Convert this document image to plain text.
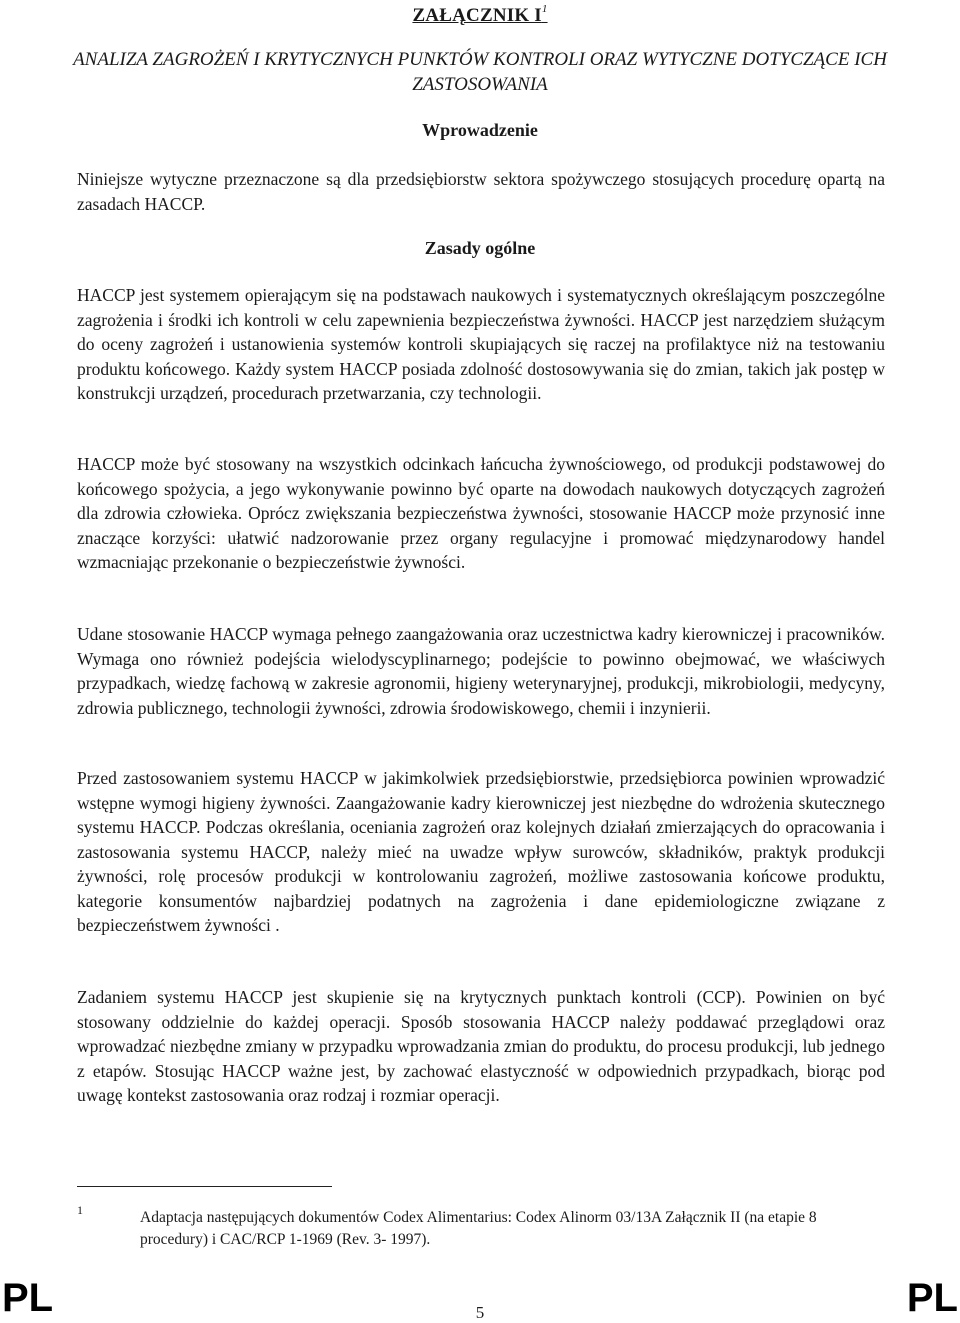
ZAŁĄCZNIK $I^1$
ANALIZA ZAGROŻEŃ I KRYTYCZNYCH PUNKTÓW KONTROLI ORAZ WYTYCZNE DOTYCZĄCE ICH ZASTOSOWANIA
Wprowadzenie

Niniejsze wytyczne przeznaczone są dla przedsiębiorstw sektora spożywczego stosujących procedurę opartą na zasadach HACCP.

Zasady ogólne

HACCP jest systemem opierającym się na podstawach naukowych i systematycznych określającym poszczególne zagrożenia i środki ich kontroli w celu zapewnienia bezpieczeństwa żywności. HACCP jest narzędziem służącym do oceny zagrożeń i ustanowienia systemów kontroli skupiających się raczej na profilaktyce niż na testowaniu produktu końcowego. Każdy system HACCP posiada zdolność dostosowywania się do zmian, takich jak postęp w konstrukcji urządzeń, procedurach przetwarzania, czy technologii.

HACCP może być stosowany na wszystkich odcinkach łańcucha żywnościowego, od produkcji podstawowej do końcowego spożycia, a jego wykonywanie powinno być oparte na dowodach naukowych dotyczących zagrożeń dla zdrowia człowieka. Oprócz zwiększania bezpieczeństwa żywności, stosowanie HACCP może przynosić inne znaczące korzyści: ułatwić nadzorowanie przez organy regulacyjne i promować międzynarodowy handel wzmacniając przekonanie o bezpieczeństwie żywności.

Udane stosowanie HACCP wymaga pełnego zaangażowania oraz uczestnictwa kadry kierowniczej i pracowników. Wymaga ono również podejścia wielodyscyplinarnego; podejście to powinno obejmować, we właściwych przypadkach, wiedzę fachową w zakresie agronomii, higieny weterynaryjnej, produkcji, mikrobiologii, medycyny, zdrowia publicznego, technologii żywności, zdrowia środowiskowego, chemii i inzynierii.

Przed zastosowaniem systemu HACCP w jakimkolwiek przedsiębiorstwie, przedsiębiorca powinien wprowadzić wstępne wymogi higieny żywności. Zaangażowanie kadry kierowniczej jest niezbędne do wdrożenia skutecznego systemu HACCP. Podczas określania, oceniania zagrożeń oraz kolejnych działań zmierzających do opracowania i zastosowania systemu HACCP, należy mieć na uwadze wpływ surowców, składników, praktyk produkcji żywności, rolę procesów produkcji w kontrolowaniu zagrożeń, możliwe zastosowania końcowe produktu, kategorie konsumentów najbardziej podatnych na zagrożenia i dane epidemiologiczne związane z bezpieczeństwem żywności .

Zadaniem systemu HACCP jest skupienie się na krytycznych punktach kontroli (CCP). Powinien on być stosowany oddzielnie do każdej operacji. Sposób stosowania HACCP należy poddawać przeglądowi oraz wprowadzać niezbędne zmiany w przypadku wprowadzania zmian do produktu, do procesu produkcji, lub jednego z etapów. Stosując HACCP ważne jest, by zachować elastyczność w odpowiednich przypadkach, biorąc pod uwagę kontekst zastosowania oraz rodzaj i rozmiar operacji.

1	Adaptacja następujących dokumentów Codex Alimentarius: Codex Alinorm 03/13A Załącznik II (na etapie 8 procedury) i CAC/RCP 1-1969 (Rev. 3- 1997).

PL	5	PL
